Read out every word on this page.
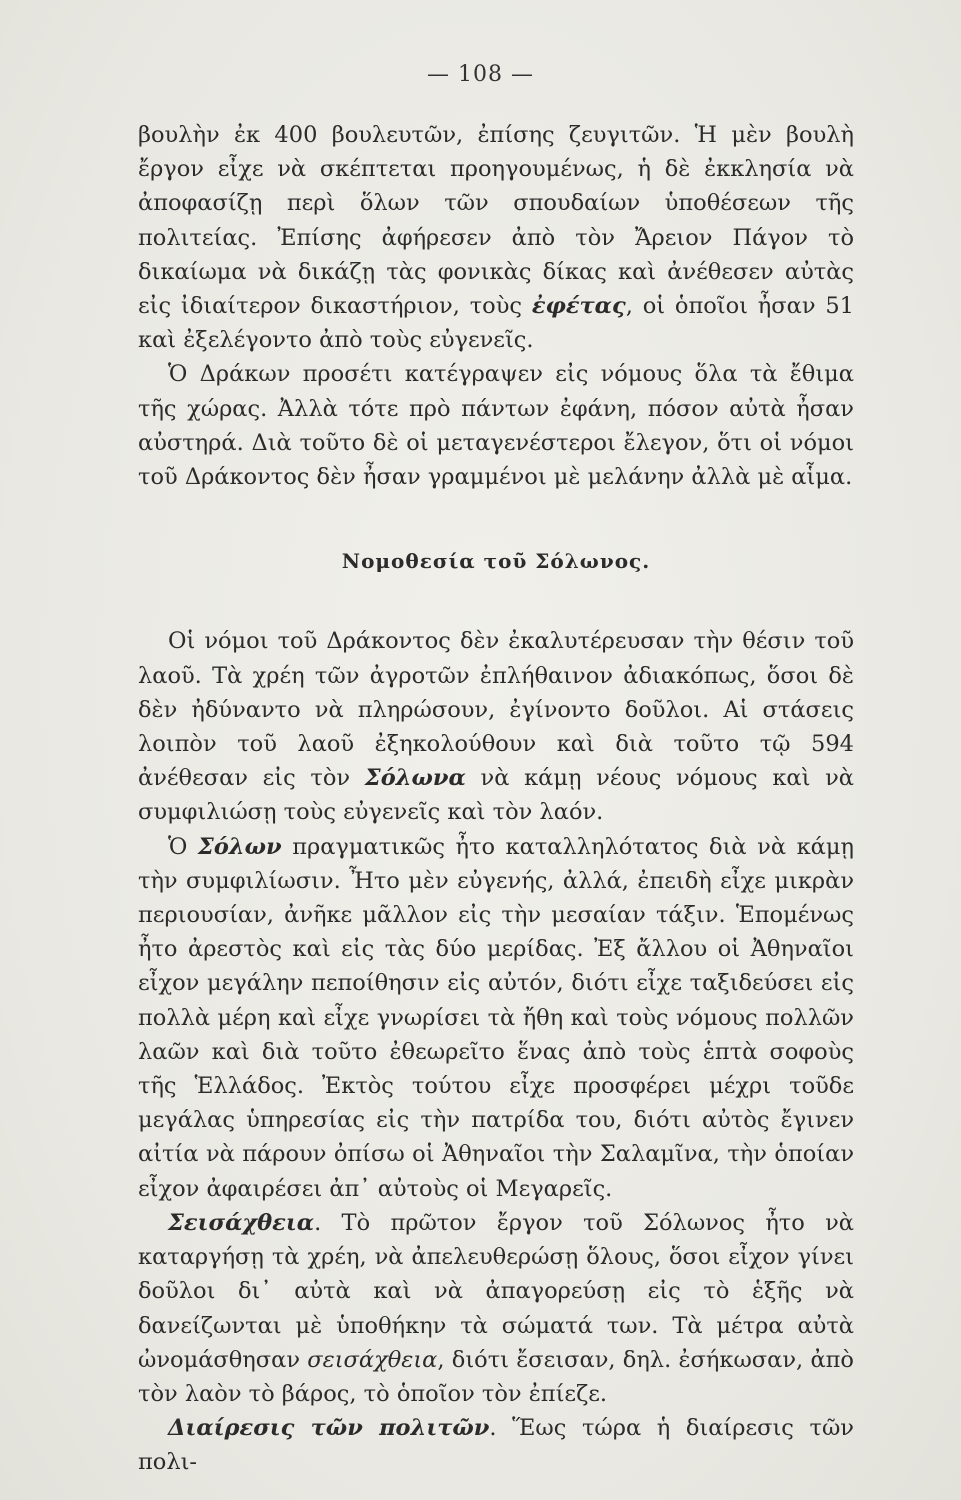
— 108 —

βουλὴν ἐκ 400 βουλευτῶν, ἐπίσης ζευγιτῶν. Ἡ μὲν βουλὴ ἔργον εἶχε νὰ σκέπτεται προηγουμένως, ἡ δὲ ἐκκλησία νὰ ἀποφασίζῃ περὶ ὅλων τῶν σπουδαίων ὑποθέσεων τῆς πολιτείας. Ἐπίσης ἀφήρεσεν ἀπὸ τὸν Ἄρειον Πάγον τὸ δικαίωμα νὰ δικάζῃ τὰς φονικὰς δίκας καὶ ἀνέθεσεν αὐτὰς εἰς ἰδιαίτερον δικαστήριον, τοὺς ἐφέτας, οἱ ὁποῖοι ἦσαν 51 καὶ ἐξελέγοντο ἀπὸ τοὺς εὐγενεῖς.

Ὁ Δράκων προσέτι κατέγραψεν εἰς νόμους ὅλα τὰ ἔθιμα τῆς χώρας. Ἀλλὰ τότε πρὸ πάντων ἐφάνη, πόσον αὐτὰ ἦσαν αὐστηρά. Διὰ τοῦτο δὲ οἱ μεταγενέστεροι ἔλεγον, ὅτι οἱ νόμοι τοῦ Δράκοντος δὲν ἦσαν γραμμένοι μὲ μελάνην ἀλλὰ μὲ αἷμα.

Νομοθεσία τοῦ Σόλωνος.

Οἱ νόμοι τοῦ Δράκοντος δὲν ἐκαλυτέρευσαν τὴν θέσιν τοῦ λαοῦ. Τὰ χρέη τῶν ἀγροτῶν ἐπλήθαινον ἀδιακόπως, ὅσοι δὲ δὲν ἠδύναντο νὰ πληρώσουν, ἐγίνοντο δοῦλοι. Αἱ στάσεις λοιπὸν τοῦ λαοῦ ἐξηκολούθουν καὶ διὰ τοῦτο τῷ 594 ἀνέθεσαν εἰς τὸν Σόλωνα νὰ κάμῃ νέους νόμους καὶ νὰ συμφιλιώσῃ τοὺς εὐγενεῖς καὶ τὸν λαόν.

Ὁ Σόλων πραγματικῶς ἦτο καταλληλότατος διὰ νὰ κάμῃ τὴν συμφιλίωσιν. Ἦτο μὲν εὐγενής, ἀλλά, ἐπειδὴ εἶχε μικρὰν περιουσίαν, ἀνῆκε μᾶλλον εἰς τὴν μεσαίαν τάξιν. Ἑπομένως ἦτο ἀρεστὸς καὶ εἰς τὰς δύο μερίδας. Ἐξ ἄλλου οἱ Ἀθηναῖοι εἶχον μεγάλην πεποίθησιν εἰς αὐτόν, διότι εἶχε ταξιδεύσει εἰς πολλὰ μέρη καὶ εἶχε γνωρίσει τὰ ἤθη καὶ τοὺς νόμους πολλῶν λαῶν καὶ διὰ τοῦτο ἐθεωρεῖτο ἕνας ἀπὸ τοὺς ἑπτὰ σοφοὺς τῆς Ἑλλάδος. Ἐκτὸς τούτου εἶχε προσφέρει μέχρι τοῦδε μεγάλας ὑπηρεσίας εἰς τὴν πατρίδα του, διότι αὐτὸς ἔγινεν αἰτία νὰ πάρουν ὀπίσω οἱ Ἀθηναῖοι τὴν Σαλαμῖνα, τὴν ὁποίαν εἶχον ἀφαιρέσει ἀπ᾽ αὐτοὺς οἱ Μεγαρεῖς.

Σεισάχθεια. Τὸ πρῶτον ἔργον τοῦ Σόλωνος ἦτο νὰ καταργήσῃ τὰ χρέη, νὰ ἀπελευθερώσῃ ὅλους, ὅσοι εἶχον γίνει δοῦλοι δι᾽ αὐτὰ καὶ νὰ ἀπαγορεύσῃ εἰς τὸ ἑξῆς νὰ δανείζωνται μὲ ὑποθήκην τὰ σώματά των. Τὰ μέτρα αὐτὰ ὠνομάσθησαν σεισάχθεια, διότι ἔσεισαν, δηλ. ἐσήκωσαν, ἀπὸ τὸν λαὸν τὸ βάρος, τὸ ὁποῖον τὸν ἐπίεζε.

Διαίρεσις τῶν πολιτῶν. Ἕως τώρα ἡ διαίρεσις τῶν πολι-
